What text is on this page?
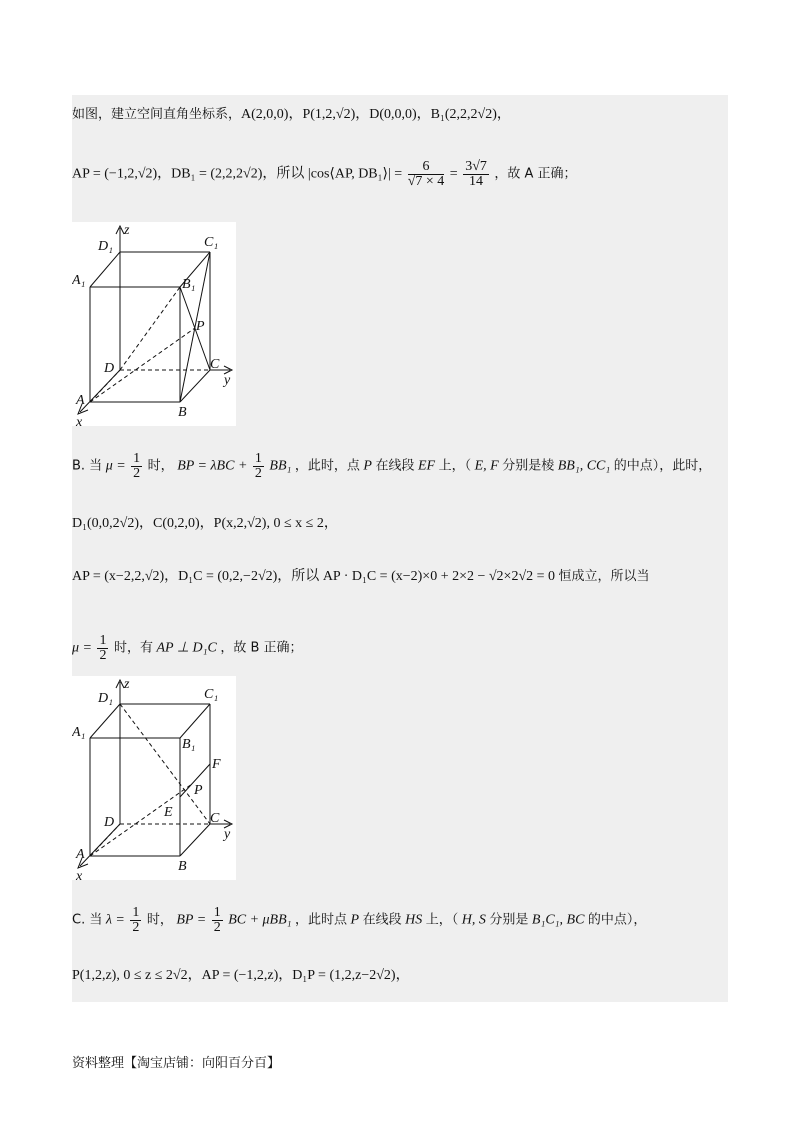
如图，建立空间直角坐标系，A(2,0,0)，P(1,2,√2)，D(0,0,0)，B₁(2,2,2√2)，
AP = (−1,2,√2)，DB₁ = (2,2,2√2)，所以 |cos⟨AP, DB₁⟩| = $\frac{6}{√7 \times 4} = \frac{3√7}{14}$ ，故 A 正确；
z
D₁	C₁
A₁	B₁
P
D	C
y
A
B
x
B. 当 $\mu = \frac{1}{2}$ 时， BP = $\lambda BC + \frac{1}{2} BB_1$ ，此时，点 P 在线段 EF 上，（ E, F 分别是棱 BB₁, CC₁ 的中点），此时，
D₁(0,0,2√2)，C(0,2,0)，P(x,2,√2), 0 ≤ x ≤ 2，
AP = (x−2,2,√2)，D₁C = (0,2,−2√2)，所以 AP · D₁C = (x−2)×0 + 2×2 − √2×2√2 = 0 恒成立，所以当
$\mu = \frac{1}{2}$ 时，有 AP ⊥ D₁C ，故 B 正确；
z
D₁	C₁
A₁
B₁
F
P
E
D	C
y
A
B
x
C. 当 $\lambda = \frac{1}{2}$ 时， BP = $\frac{1}{2}$ BC + μBB₁ ，此时点 P 在线段 HS 上，（ H, S 分别是 B₁C₁, BC 的中点），
P(1,2,z), 0 ≤ z ≤ 2√2，AP = (−1,2,z)，D₁P = (1,2,z−2√2)，
资料整理【淘宝店铺：向阳百分百】
